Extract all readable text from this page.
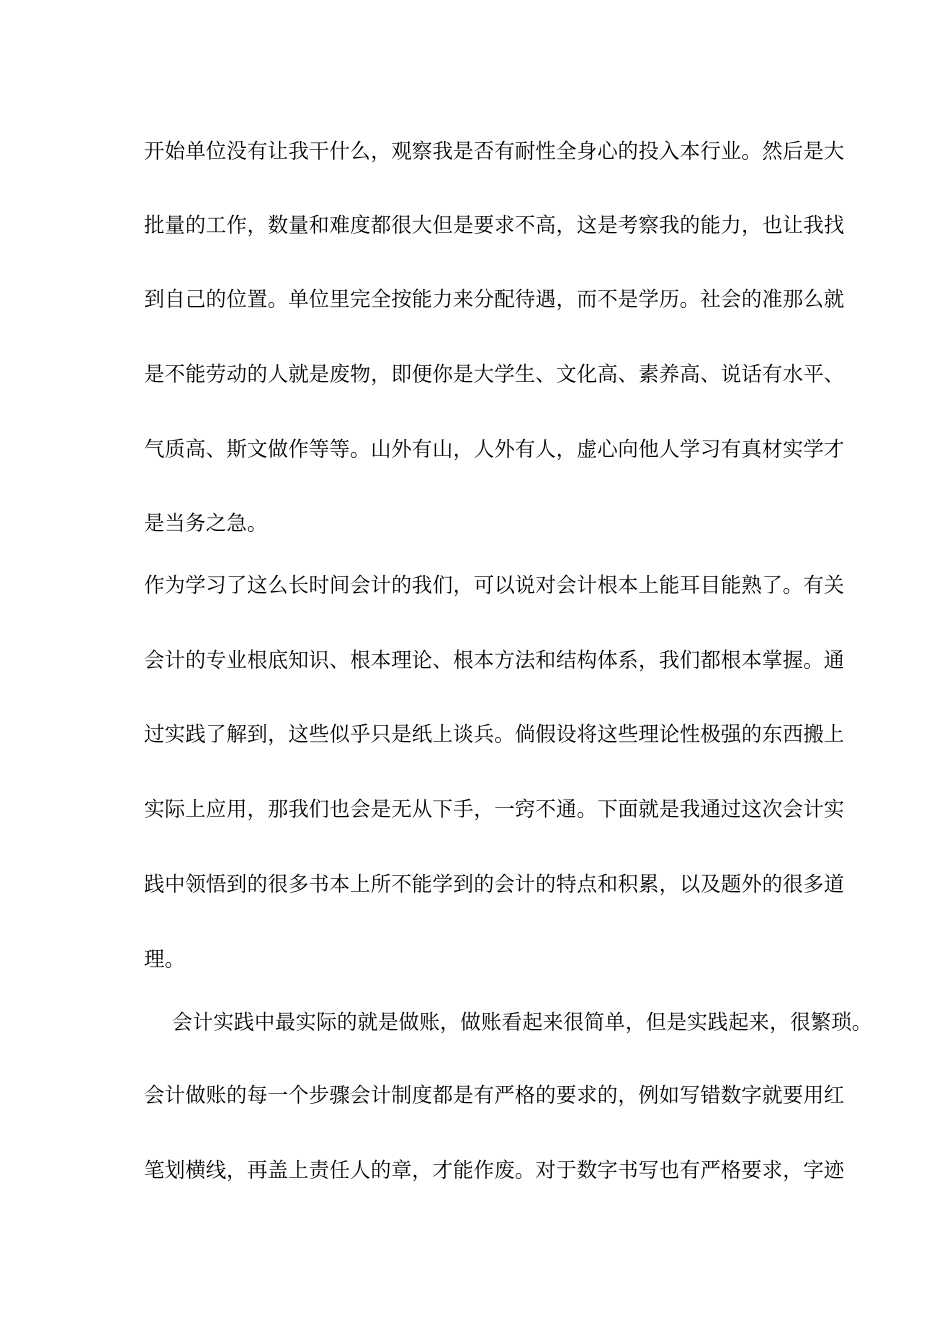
开始单位没有让我干什么，观察我是否有耐性全身心的投入本行业。然后是大
批量的工作，数量和难度都很大但是要求不高，这是考察我的能力，也让我找
到自己的位置。单位里完全按能力来分配待遇，而不是学历。社会的准那么就
是不能劳动的人就是废物，即便你是大学生、文化高、素养高、说话有水平、
气质高、斯文做作等等。山外有山，人外有人，虚心向他人学习有真材实学才
是当务之急。
作为学习了这么长时间会计的我们，可以说对会计根本上能耳目能熟了。有关
会计的专业根底知识、根本理论、根本方法和结构体系，我们都根本掌握。通
过实践了解到，这些似乎只是纸上谈兵。倘假设将这些理论性极强的东西搬上
实际上应用，那我们也会是无从下手，一窍不通。下面就是我通过这次会计实
践中领悟到的很多书本上所不能学到的会计的特点和积累，以及题外的很多道
理。
会计实践中最实际的就是做账，做账看起来很简单，但是实践起来，很繁琐。
会计做账的每一个步骤会计制度都是有严格的要求的，例如写错数字就要用红
笔划横线，再盖上责任人的章，才能作废。对于数字书写也有严格要求，字迹
